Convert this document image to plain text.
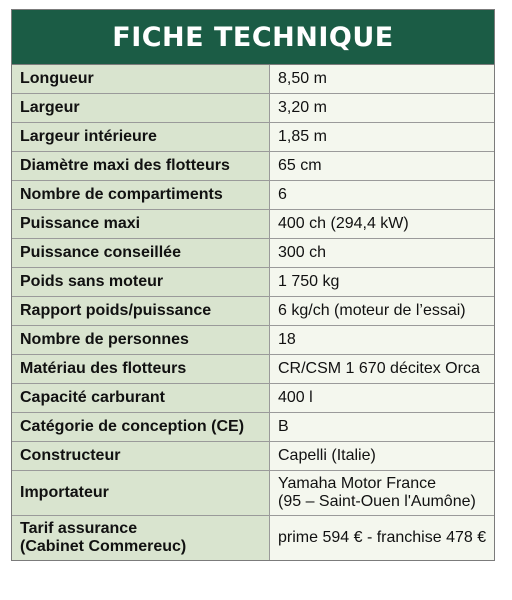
FICHE TECHNIQUE
Longueur	8,50 m

Largeur	3,20 m

Largeur intérieure	1,85 m

Diamètre maxi des flotteurs	65 cm

Nombre de compartiments	6

Puissance maxi	400 ch (294,4 kW)

Puissance conseillée	300 ch

Poids sans moteur	1 750 kg

Rapport poids/puissance	6 kg/ch (moteur de l’essai)

Nombre de personnes	18

Matériau des flotteurs	CR/CSM 1 670 décitex Orca

Capacité carburant	400 l

Catégorie de conception (CE)	B

Constructeur	Capelli (Italie)

Importateur	Yamaha Motor France
(95 – Saint-Ouen l'Aumône)

Tarif assurance
(Cabinet Commereuc)	prime 594 € - franchise 478 €
